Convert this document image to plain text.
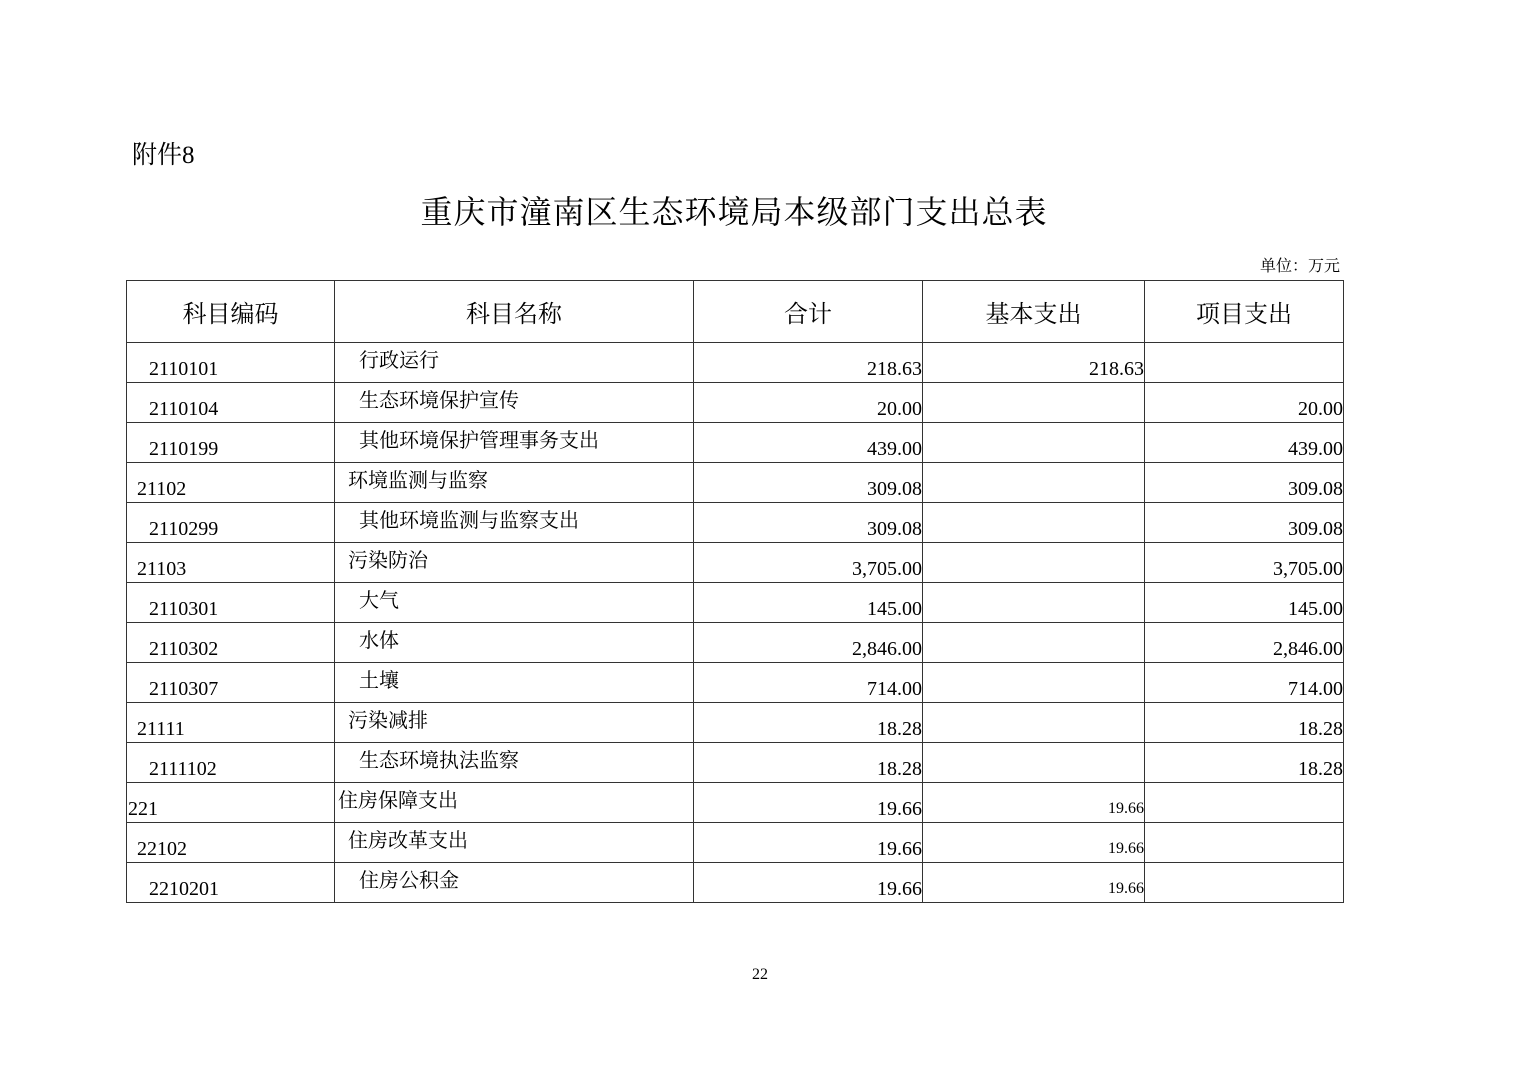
附件8
重庆市潼南区生态环境局本级部门支出总表
单位：万元
科目编码	科目名称	合计	基本支出	项目支出
2110101	行政运行	218.63	218.63	
2110104	生态环境保护宣传	20.00		20.00
2110199	其他环境保护管理事务支出	439.00		439.00
21102	环境监测与监察	309.08		309.08
2110299	其他环境监测与监察支出	309.08		309.08
21103	污染防治	3,705.00		3,705.00
2110301	大气	145.00		145.00
2110302	水体	2,846.00		2,846.00
2110307	土壤	714.00		714.00
21111	污染减排	18.28		18.28
2111102	生态环境执法监察	18.28		18.28
221	住房保障支出	19.66	19.66	
22102	住房改革支出	19.66	19.66	
2210201	住房公积金	19.66	19.66	
22
